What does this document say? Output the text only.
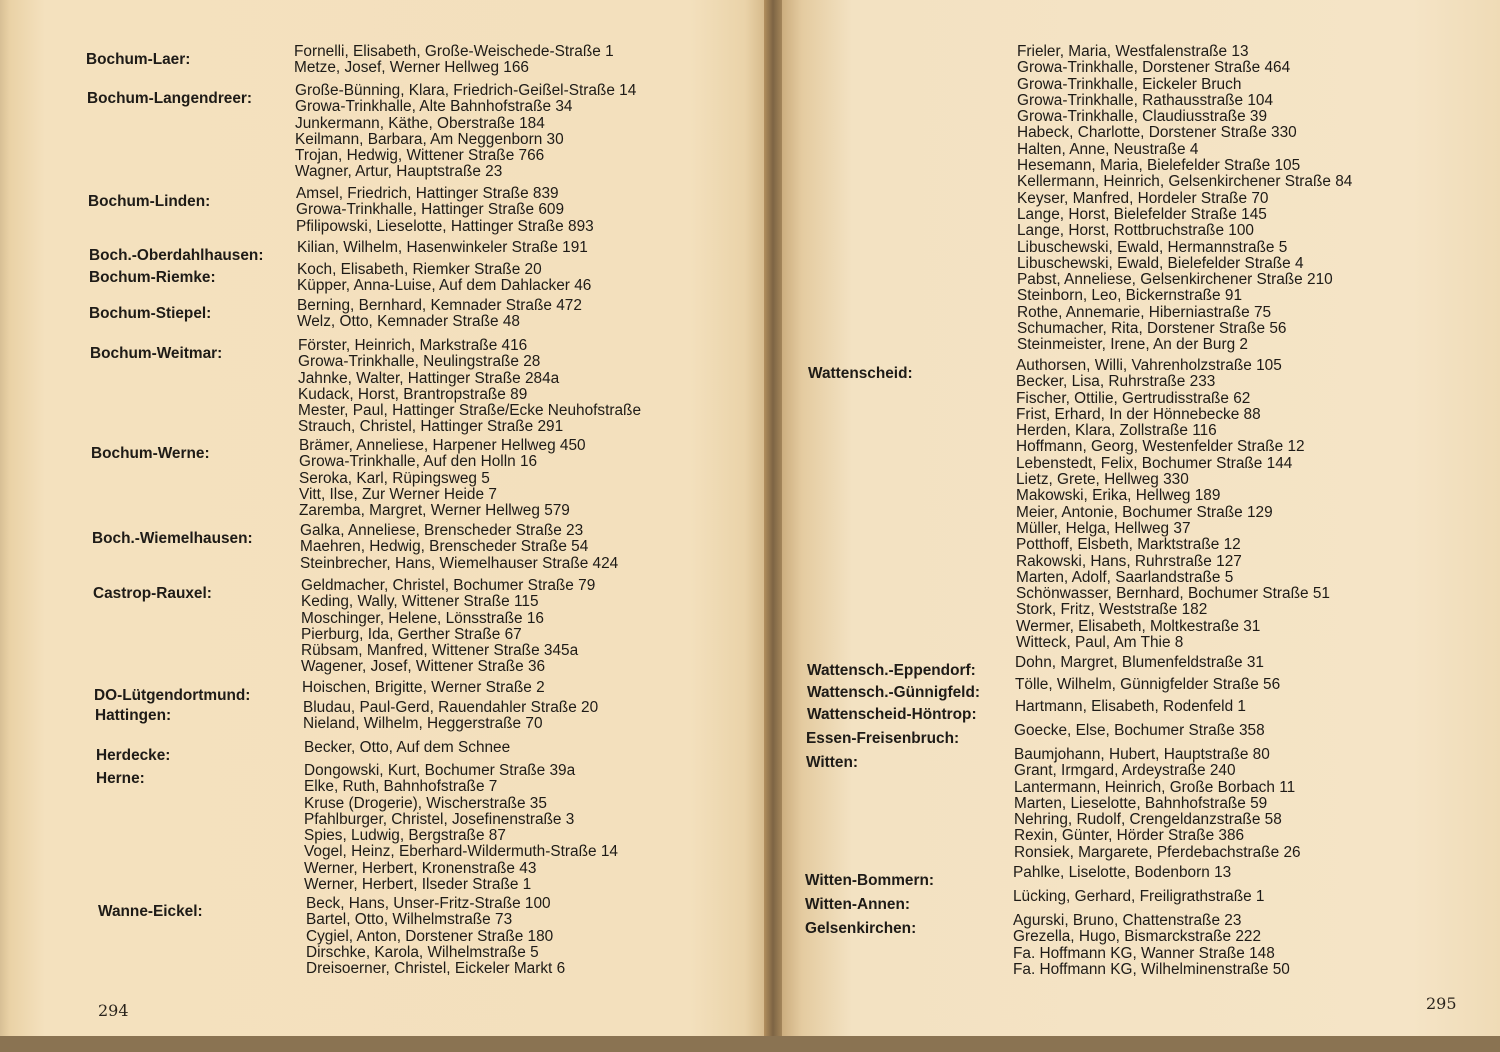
Bochum-Laer:	Fornelli, Elisabeth, Große-Weischede-Straße 1
Metze, Josef, Werner Hellweg 166
Bochum-Langendreer:	Große-Bünning, Klara, Friedrich-Geißel-Straße 14
Growa-Trinkhalle, Alte Bahnhofstraße 34
Junkermann, Käthe, Oberstraße 184
Keilmann, Barbara, Am Neggenborn 30
Trojan, Hedwig, Wittener Straße 766
Wagner, Artur, Hauptstraße 23
Bochum-Linden:	Amsel, Friedrich, Hattinger Straße 839
Growa-Trinkhalle, Hattinger Straße 609
Pfilipowski, Lieselotte, Hattinger Straße 893
Boch.-Oberdahlhausen: Kilian, Wilhelm, Hasenwinkeler Straße 191
Bochum-Riemke:	Koch, Elisabeth, Riemker Straße 20
Küpper, Anna-Luise, Auf dem Dahlacker 46
Bochum-Stiepel:	Berning, Bernhard, Kemnader Straße 472
Welz, Otto, Kemnader Straße 48
Bochum-Weitmar:	Förster, Heinrich, Markstraße 416
Growa-Trinkhalle, Neulingstraße 28
Jahnke, Walter, Hattinger Straße 284a
Kudack, Horst, Brantropstraße 89
Mester, Paul, Hattinger Straße/Ecke Neuhofstraße
Strauch, Christel, Hattinger Straße 291
Bochum-Werne:	Brämer, Anneliese, Harpener Hellweg 450
Growa-Trinkhalle, Auf den Holln 16
Seroka, Karl, Rüpingsweg 5
Vitt, Ilse, Zur Werner Heide 7
Zaremba, Margret, Werner Hellweg 579
Boch.-Wiemelhausen:	Galka, Anneliese, Brenscheder Straße 23
Maehren, Hedwig, Brenscheder Straße 54
Steinbrecher, Hans, Wiemelhauser Straße 424
Castrop-Rauxel:	Geldmacher, Christel, Bochumer Straße 79
Keding, Wally, Wittener Straße 115
Moschinger, Helene, Lönsstraße 16
Pierburg, Ida, Gerther Straße 67
Rübsam, Manfred, Wittener Straße 345a
Wagener, Josef, Wittener Straße 36
DO-Lütgendortmund:	Hoischen, Brigitte, Werner Straße 2
Hattingen:	Bludau, Paul-Gerd, Rauendahler Straße 20
Nieland, Wilhelm, Heggerstraße 70
Herdecke:	Becker, Otto, Auf dem Schnee
Herne:	Dongowski, Kurt, Bochumer Straße 39a
Elke, Ruth, Bahnhofstraße 7
Kruse (Drogerie), Wischerstraße 35
Pfahlburger, Christel, Josefinenstraße 3
Spies, Ludwig, Bergstraße 87
Vogel, Heinz, Eberhard-Wildermuth-Straße 14
Werner, Herbert, Kronenstraße 43
Werner, Herbert, Ilseder Straße 1
Wanne-Eickel:	Beck, Hans, Unser-Fritz-Straße 100
Bartel, Otto, Wilhelmstraße 73
Cygiel, Anton, Dorstener Straße 180
Dirschke, Karola, Wilhelmstraße 5
Dreisoerner, Christel, Eickeler Markt 6
294
Frieler, Maria, Westfalenstraße 13
Growa-Trinkhalle, Dorstener Straße 464
Growa-Trinkhalle, Eickeler Bruch
Growa-Trinkhalle, Rathausstraße 104
Growa-Trinkhalle, Claudiusstraße 39
Habeck, Charlotte, Dorstener Straße 330
Halten, Anne, Neustraße 4
Hesemann, Maria, Bielefelder Straße 105
Kellermann, Heinrich, Gelsenkirchener Straße 84
Keyser, Manfred, Hordeler Straße 70
Lange, Horst, Bielefelder Straße 145
Lange, Horst, Rottbruchstraße 100
Libuschewski, Ewald, Hermannstraße 5
Libuschewski, Ewald, Bielefelder Straße 4
Pabst, Anneliese, Gelsenkirchener Straße 210
Steinborn, Leo, Bickernstraße 91
Rothe, Annemarie, Hiberniastraße 75
Schumacher, Rita, Dorstener Straße 56
Steinmeister, Irene, An der Burg 2
Wattenscheid:	Authorsen, Willi, Vahrenholzstraße 105
Becker, Lisa, Ruhrstraße 233
Fischer, Ottilie, Gertrudisstraße 62
Frist, Erhard, In der Hönnebecke 88
Herden, Klara, Zollstraße 116
Hoffmann, Georg, Westenfelder Straße 12
Lebenstedt, Felix, Bochumer Straße 144
Lietz, Grete, Hellweg 330
Makowski, Erika, Hellweg 189
Meier, Antonie, Bochumer Straße 129
Müller, Helga, Hellweg 37
Potthoff, Elsbeth, Marktstraße 12
Rakowski, Hans, Ruhrstraße 127
Marten, Adolf, Saarlandstraße 5
Schönwasser, Bernhard, Bochumer Straße 51
Stork, Fritz, Weststraße 182
Wermer, Elisabeth, Moltkestraße 31
Witteck, Paul, Am Thie 8
Wattensch.-Eppendorf:	Dohn, Margret, Blumenfeldstraße 31
Wattensch.-Günnigfeld: Tölle, Wilhelm, Günnigfelder Straße 56
Wattenscheid-Höntrop: Hartmann, Elisabeth, Rodenfeld 1
Essen-Freisenbruch:	Goecke, Else, Bochumer Straße 358
Witten:	Baumjohann, Hubert, Hauptstraße 80
Grant, Irmgard, Ardeystraße 240
Lantermann, Heinrich, Große Borbach 11
Marten, Lieselotte, Bahnhofstraße 59
Nehring, Rudolf, Crengeldanzstraße 58
Rexin, Günter, Hörder Straße 386
Ronsiek, Margarete, Pferdebachstraße 26
Witten-Bommern:	Pahlke, Liselotte, Bodenborn 13
Witten-Annen:	Lücking, Gerhard, Freiligrathstraße 1
Gelsenkirchen:	Agurski, Bruno, Chattenstraße 23
Grezella, Hugo, Bismarckstraße 222
Fa. Hoffmann KG, Wanner Straße 148
Fa. Hoffmann KG, Wilhelminenstraße 50
295
